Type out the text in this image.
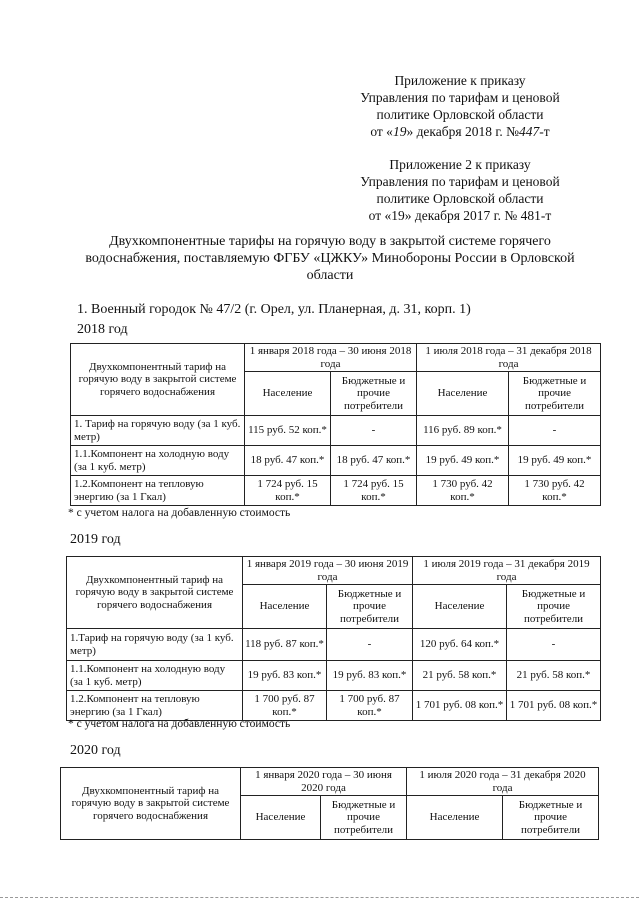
Приложение к приказу
Управления по тарифам и ценовой
политике Орловской области
от «19» декабря 2018 г. №447-т
Приложение 2 к приказу
Управления по тарифам и ценовой
политике Орловской области
от «19» декабря 2017 г. № 481-т
Двухкомпонентные тарифы на горячую воду в закрытой системе горячего
водоснабжения, поставляемую ФГБУ «ЦЖКУ» Минобороны России в Орловской
области
1. Военный городок № 47/2 (г. Орел, ул. Планерная, д. 31, корп. 1)
2018 год
Двухкомпонентный тариф на горячую воду в закрытой системе горячего водоснабжения	1 января 2018 года – 30 июня 2018 года		1 июля 2018 года – 31 декабря 2018 года	
	Население	Бюджетные и прочие потребители	Население	Бюджетные и прочие потребители
1. Тариф на горячую воду (за 1 куб. метр)	115 руб. 52 коп.*	-	116 руб. 89 коп.*	-
1.1.Компонент на холодную воду (за 1 куб. метр)	18 руб. 47 коп.*	18 руб. 47 коп.*	19 руб. 49 коп.*	19 руб. 49 коп.*
1.2.Компонент на тепловую энергию (за 1 Гкал)	1 724 руб. 15 коп.*	1 724 руб. 15 коп.*	1 730 руб. 42 коп.*	1 730 руб. 42 коп.*
* с учетом налога на добавленную стоимость
2019 год
Двухкомпонентный тариф на горячую воду в закрытой системе горячего водоснабжения	1 января 2019 года – 30 июня 2019 года		1 июля 2019 года – 31 декабря 2019 года	
	Население	Бюджетные и прочие потребители	Население	Бюджетные и прочие потребители
1.Тариф на горячую воду (за 1 куб. метр)	118 руб. 87 коп.*	-	120 руб. 64 коп.*	-
1.1.Компонент на холодную воду (за 1 куб. метр)	19 руб. 83 коп.*	19 руб. 83 коп.*	21 руб. 58 коп.*	21 руб. 58 коп.*
1.2.Компонент на тепловую энергию (за 1 Гкал)	1 700 руб. 87 коп.*	1 700 руб. 87 коп.*	1 701 руб. 08 коп.*	1 701 руб. 08 коп.*
* с учетом налога на добавленную стоимость
2020 год
Двухкомпонентный тариф на горячую воду в закрытой системе горячего водоснабжения	1 января 2020 года – 30 июня 2020 года		1 июля 2020 года – 31 декабря 2020 года	
	Население	Бюджетные и прочие потребители	Население	Бюджетные и прочие потребители
